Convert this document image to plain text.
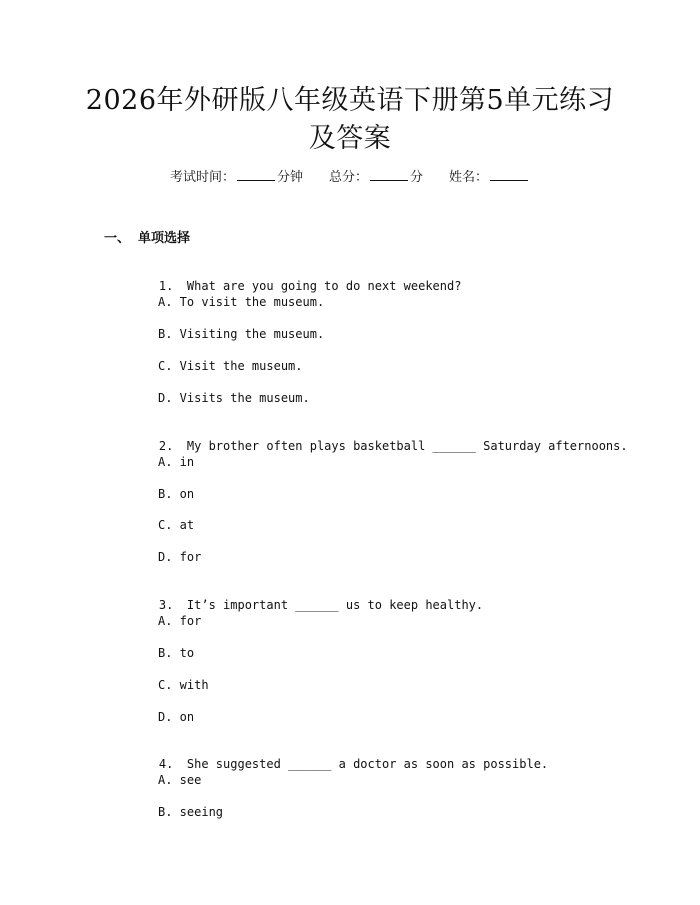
2026年外研版八年级英语下册第5单元练习
及答案
考试时间：	分钟 总分：	分 姓名：
一、 单项选择

1. What are you going to do next weekend?

A. To visit the museum.
B. Visiting the museum.
C. Visit the museum.
D. Visits the museum.

2. My brother often plays basketball ______ Saturday afternoons.

A. in
B. on
C. at
D. for

3. It’s important ______ us to keep healthy.

A. for
B. to
C. with
D. on

4. She suggested ______ a doctor as soon as possible.

A. see
B. seeing
